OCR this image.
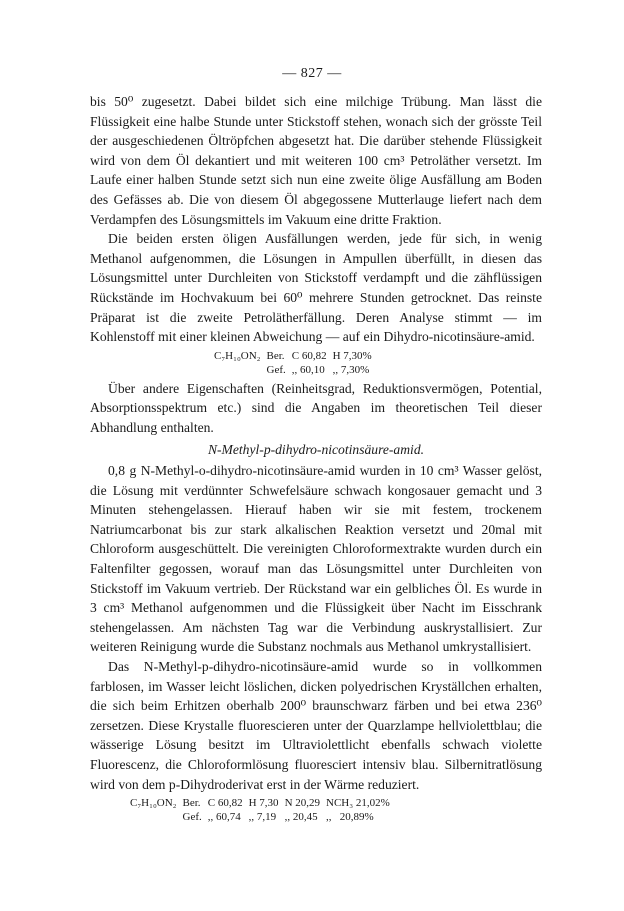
— 827 —

bis 50⁰ zugesetzt. Dabei bildet sich eine milchige Trübung. Man lässt die Flüssigkeit eine halbe Stunde unter Stickstoff stehen, wonach sich der grösste Teil der ausgeschiedenen Öltröpfchen abgesetzt hat. Die darüber stehende Flüssigkeit wird von dem Öl dekantiert und mit weiteren 100 cm³ Petroläther versetzt. Im Laufe einer halben Stunde setzt sich nun eine zweite ölige Ausfällung am Boden des Gefässes ab. Die von diesem Öl abgegossene Mutterlauge liefert nach dem Verdampfen des Lösungsmittels im Vakuum eine dritte Fraktion.

Die beiden ersten öligen Ausfällungen werden, jede für sich, in wenig Methanol aufgenommen, die Lösungen in Ampullen überfüllt, in diesen das Lösungsmittel unter Durchleiten von Stickstoff verdampft und die zähflüssigen Rückstände im Hochvakuum bei 60⁰ mehrere Stunden getrocknet. Das reinste Präparat ist die zweite Petrolätherfällung. Deren Analyse stimmt — im Kohlenstoff mit einer kleinen Abweichung — auf ein Dihydro-nicotinsäure-amid.

C₇H₁₀ON₂	Ber.	C 60,82	H 7,30%
	Gef.	,, 60,10	,, 7,30%

Über andere Eigenschaften (Reinheitsgrad, Reduktionsvermögen, Potential, Absorptionsspektrum etc.) sind die Angaben im theoretischen Teil dieser Abhandlung enthalten.

N-Methyl-p-dihydro-nicotinsäure-amid.

0,8 g N-Methyl-o-dihydro-nicotinsäure-amid wurden in 10 cm³ Wasser gelöst, die Lösung mit verdünnter Schwefelsäure schwach kongosauer gemacht und 3 Minuten stehengelassen. Hierauf haben wir sie mit festem, trockenem Natriumcarbonat bis zur stark alkalischen Reaktion versetzt und 20mal mit Chloroform ausgeschüttelt. Die vereinigten Chloroformextrakte wurden durch ein Faltenfilter gegossen, worauf man das Lösungsmittel unter Durchleiten von Stickstoff im Vakuum vertrieb. Der Rückstand war ein gelbliches Öl. Es wurde in 3 cm³ Methanol aufgenommen und die Flüssigkeit über Nacht im Eisschrank stehengelassen. Am nächsten Tag war die Verbindung auskrystallisiert. Zur weiteren Reinigung wurde die Substanz nochmals aus Methanol umkrystallisiert.

Das N-Methyl-p-dihydro-nicotinsäure-amid wurde so in vollkommen farblosen, im Wasser leicht löslichen, dicken polyedrischen Kryställchen erhalten, die sich beim Erhitzen oberhalb 200⁰ braunschwarz färben und bei etwa 236⁰ zersetzen. Diese Krystalle fluorescieren unter der Quarzlampe hellviolettblau; die wässerige Lösung besitzt im Ultraviolettlicht ebenfalls schwach violette Fluorescenz, die Chloroformlösung fluoresciert intensiv blau. Silbernitratlösung wird von dem p-Dihydroderivat erst in der Wärme reduziert.

C₇H₁₀ON₂	Ber.	C 60,82	H 7,30	N 20,29	NCH₃ 21,02%
	Gef.	,, 60,74	,, 7,19	,, 20,45	,, 20,89%
